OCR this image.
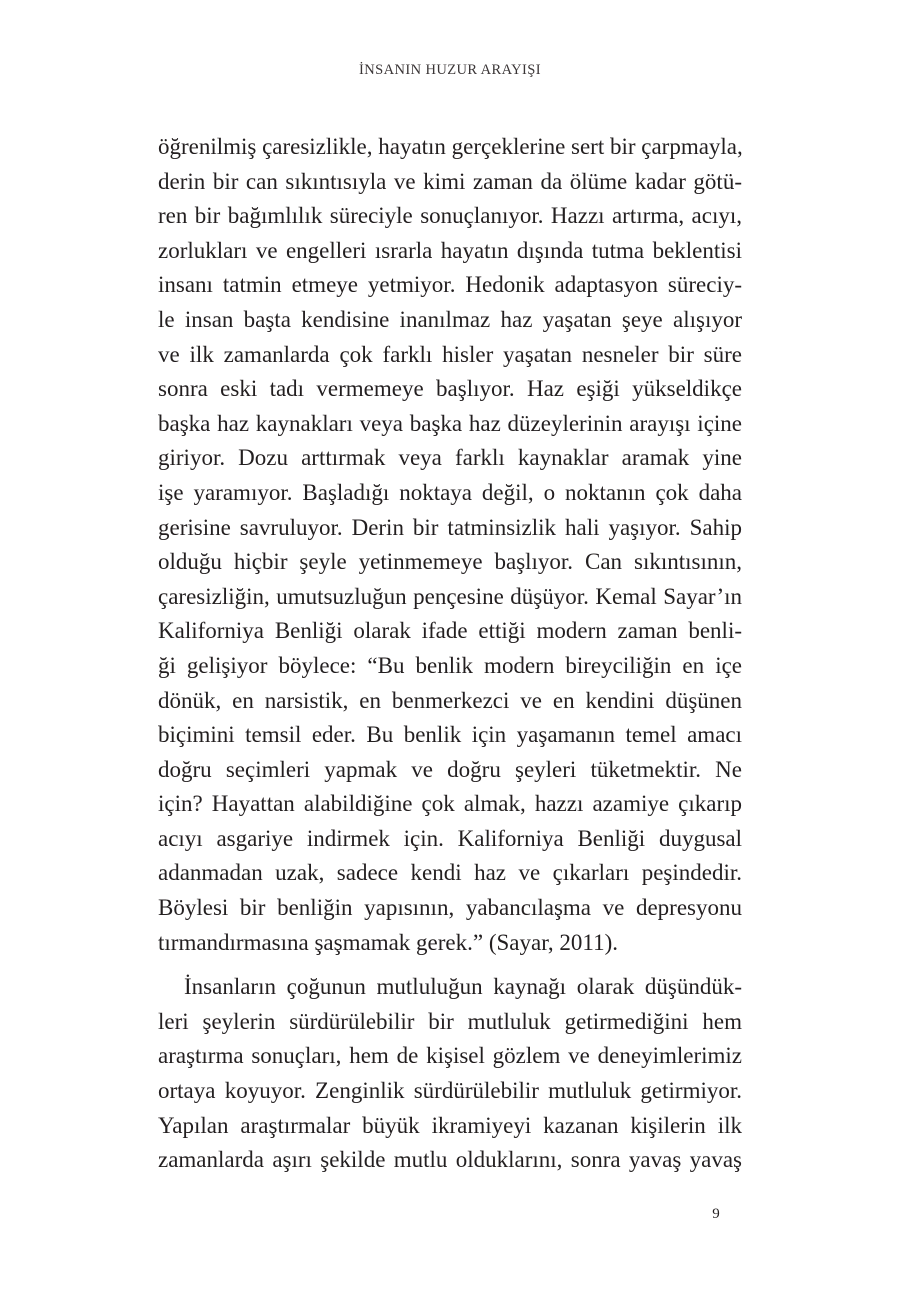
İNSANIN HUZUR ARAYIŞI
öğrenilmiş çaresizlikle, hayatın gerçeklerine sert bir çarpmayla,
derin bir can sıkıntısıyla ve kimi zaman da ölüme kadar götü-
ren bir bağımlılık süreciyle sonuçlanıyor. Hazzı artırma, acıyı,
zorlukları ve engelleri ısrarla hayatın dışında tutma beklentisi
insanı tatmin etmeye yetmiyor. Hedonik adaptasyon süreciy-
le insan başta kendisine inanılmaz haz yaşatan şeye alışıyor
ve ilk zamanlarda çok farklı hisler yaşatan nesneler bir süre
sonra eski tadı vermemeye başlıyor. Haz eşiği yükseldikçe
başka haz kaynakları veya başka haz düzeylerinin arayışı içine
giriyor. Dozu arttırmak veya farklı kaynaklar aramak yine
işe yaramıyor. Başladığı noktaya değil, o noktanın çok daha
gerisine savruluyor. Derin bir tatminsizlik hali yaşıyor. Sahip
olduğu hiçbir şeyle yetinmemeye başlıyor. Can sıkıntısının,
çaresizliğin, umutsuzluğun pençesine düşüyor. Kemal Sayar’ın
Kaliforniya Benliği olarak ifade ettiği modern zaman benli-
ği gelişiyor böylece: “Bu benlik modern bireyciliğin en içe
dönük, en narsistik, en benmerkezci ve en kendini düşünen
biçimini temsil eder. Bu benlik için yaşamanın temel amacı
doğru seçimleri yapmak ve doğru şeyleri tüketmektir. Ne
için? Hayattan alabildiğine çok almak, hazzı azamiye çıkarıp
acıyı asgariye indirmek için. Kaliforniya Benliği duygusal
adanmadan uzak, sadece kendi haz ve çıkarları peşindedir.
Böylesi bir benliğin yapısının, yabancılaşma ve depresyonu
tırmandırmasına şaşmamak gerek.” (Sayar, 2011).
İnsanların çoğunun mutluluğun kaynağı olarak düşündük-
leri şeylerin sürdürülebilir bir mutluluk getirmediğini hem
araştırma sonuçları, hem de kişisel gözlem ve deneyimlerimiz
ortaya koyuyor. Zenginlik sürdürülebilir mutluluk getirmiyor.
Yapılan araştırmalar büyük ikramiyeyi kazanan kişilerin ilk
zamanlarda aşırı şekilde mutlu olduklarını, sonra yavaş yavaş
9
